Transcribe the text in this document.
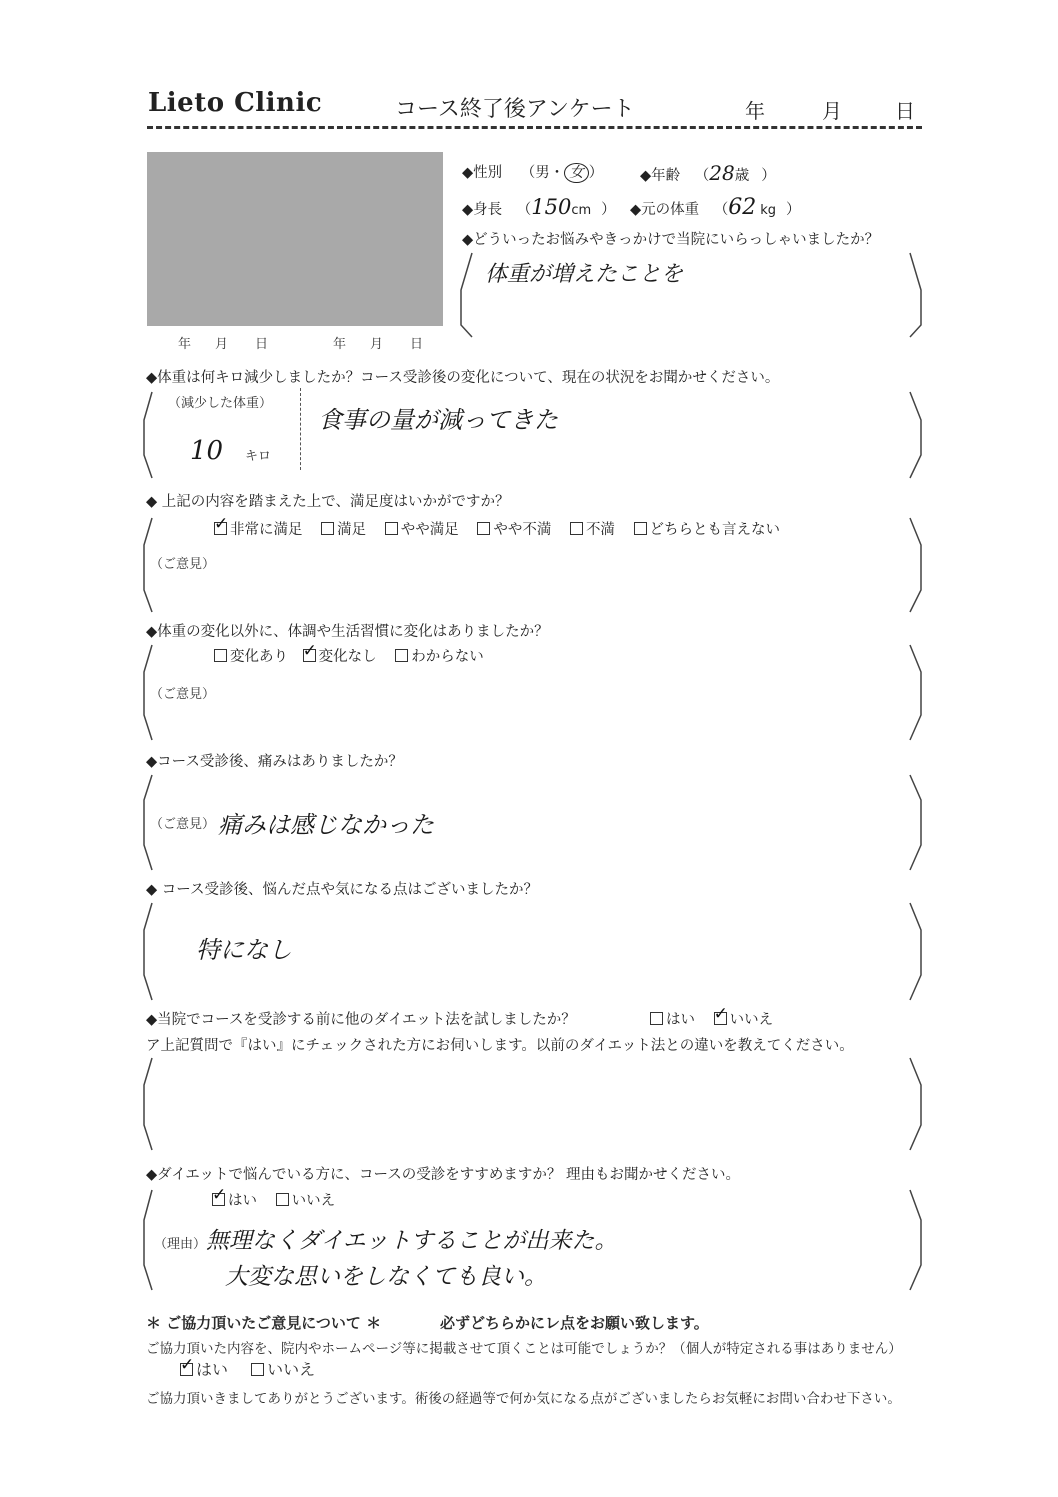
Lieto Clinic	コース終了後アンケート	年	月	日
年 月 日	年 月 日
◆性別 （男・ 女 ）	◆年齢 （28歳 ）
◆身長 （150cm ） ◆元の体重 （62 kg ）
◆どういったお悩みやきっかけで当院にいらっしゃいましたか？
体重が増えたことを
◆体重は何キロ減少しましたか？コース受診後の変化について、現在の状況をお聞かせください。
（減少した体重）
10 キロ
食事の量が減ってきた
◆ 上記の内容を踏まえた上で、満足度はいかがですか？
✓非常に満足 満足 やや満足 やや不満 不満 どちらとも言えない
（ご意見）
◆体重の変化以外に、体調や生活習慣に変化はありましたか？
変化あり ✓ 変化なし わからない
（ご意見）
◆コース受診後、痛みはありましたか？
（ご意見） 痛みは感じなかった
◆ コース受診後、悩んだ点や気になる点はございましたか？
特になし
◆当院でコースを受診する前に他のダイエット法を試しましたか？	はい ✓ いいえ
ア上記質問で『はい』にチェックされた方にお伺いします。以前のダイエット法との違いを教えてください。
◆ダイエットで悩んでいる方に、コースの受診をすすめますか？ 理由もお聞かせください。
✓はい いいえ
（理由） 無理なくダイエットすることが出来た。
大変な思いをしなくても良い。
＊ ご協力頂いたご意見について ＊	必ずどちらかにレ点をお願い致します。
ご協力頂いた内容を、院内やホームページ等に掲載させて頂くことは可能でしょうか？（個人が特定される事はありません）
✓はい いいえ
ご協力頂いきましてありがとうございます。術後の経過等で何か気になる点がございましたらお気軽にお問い合わせ下さい。
